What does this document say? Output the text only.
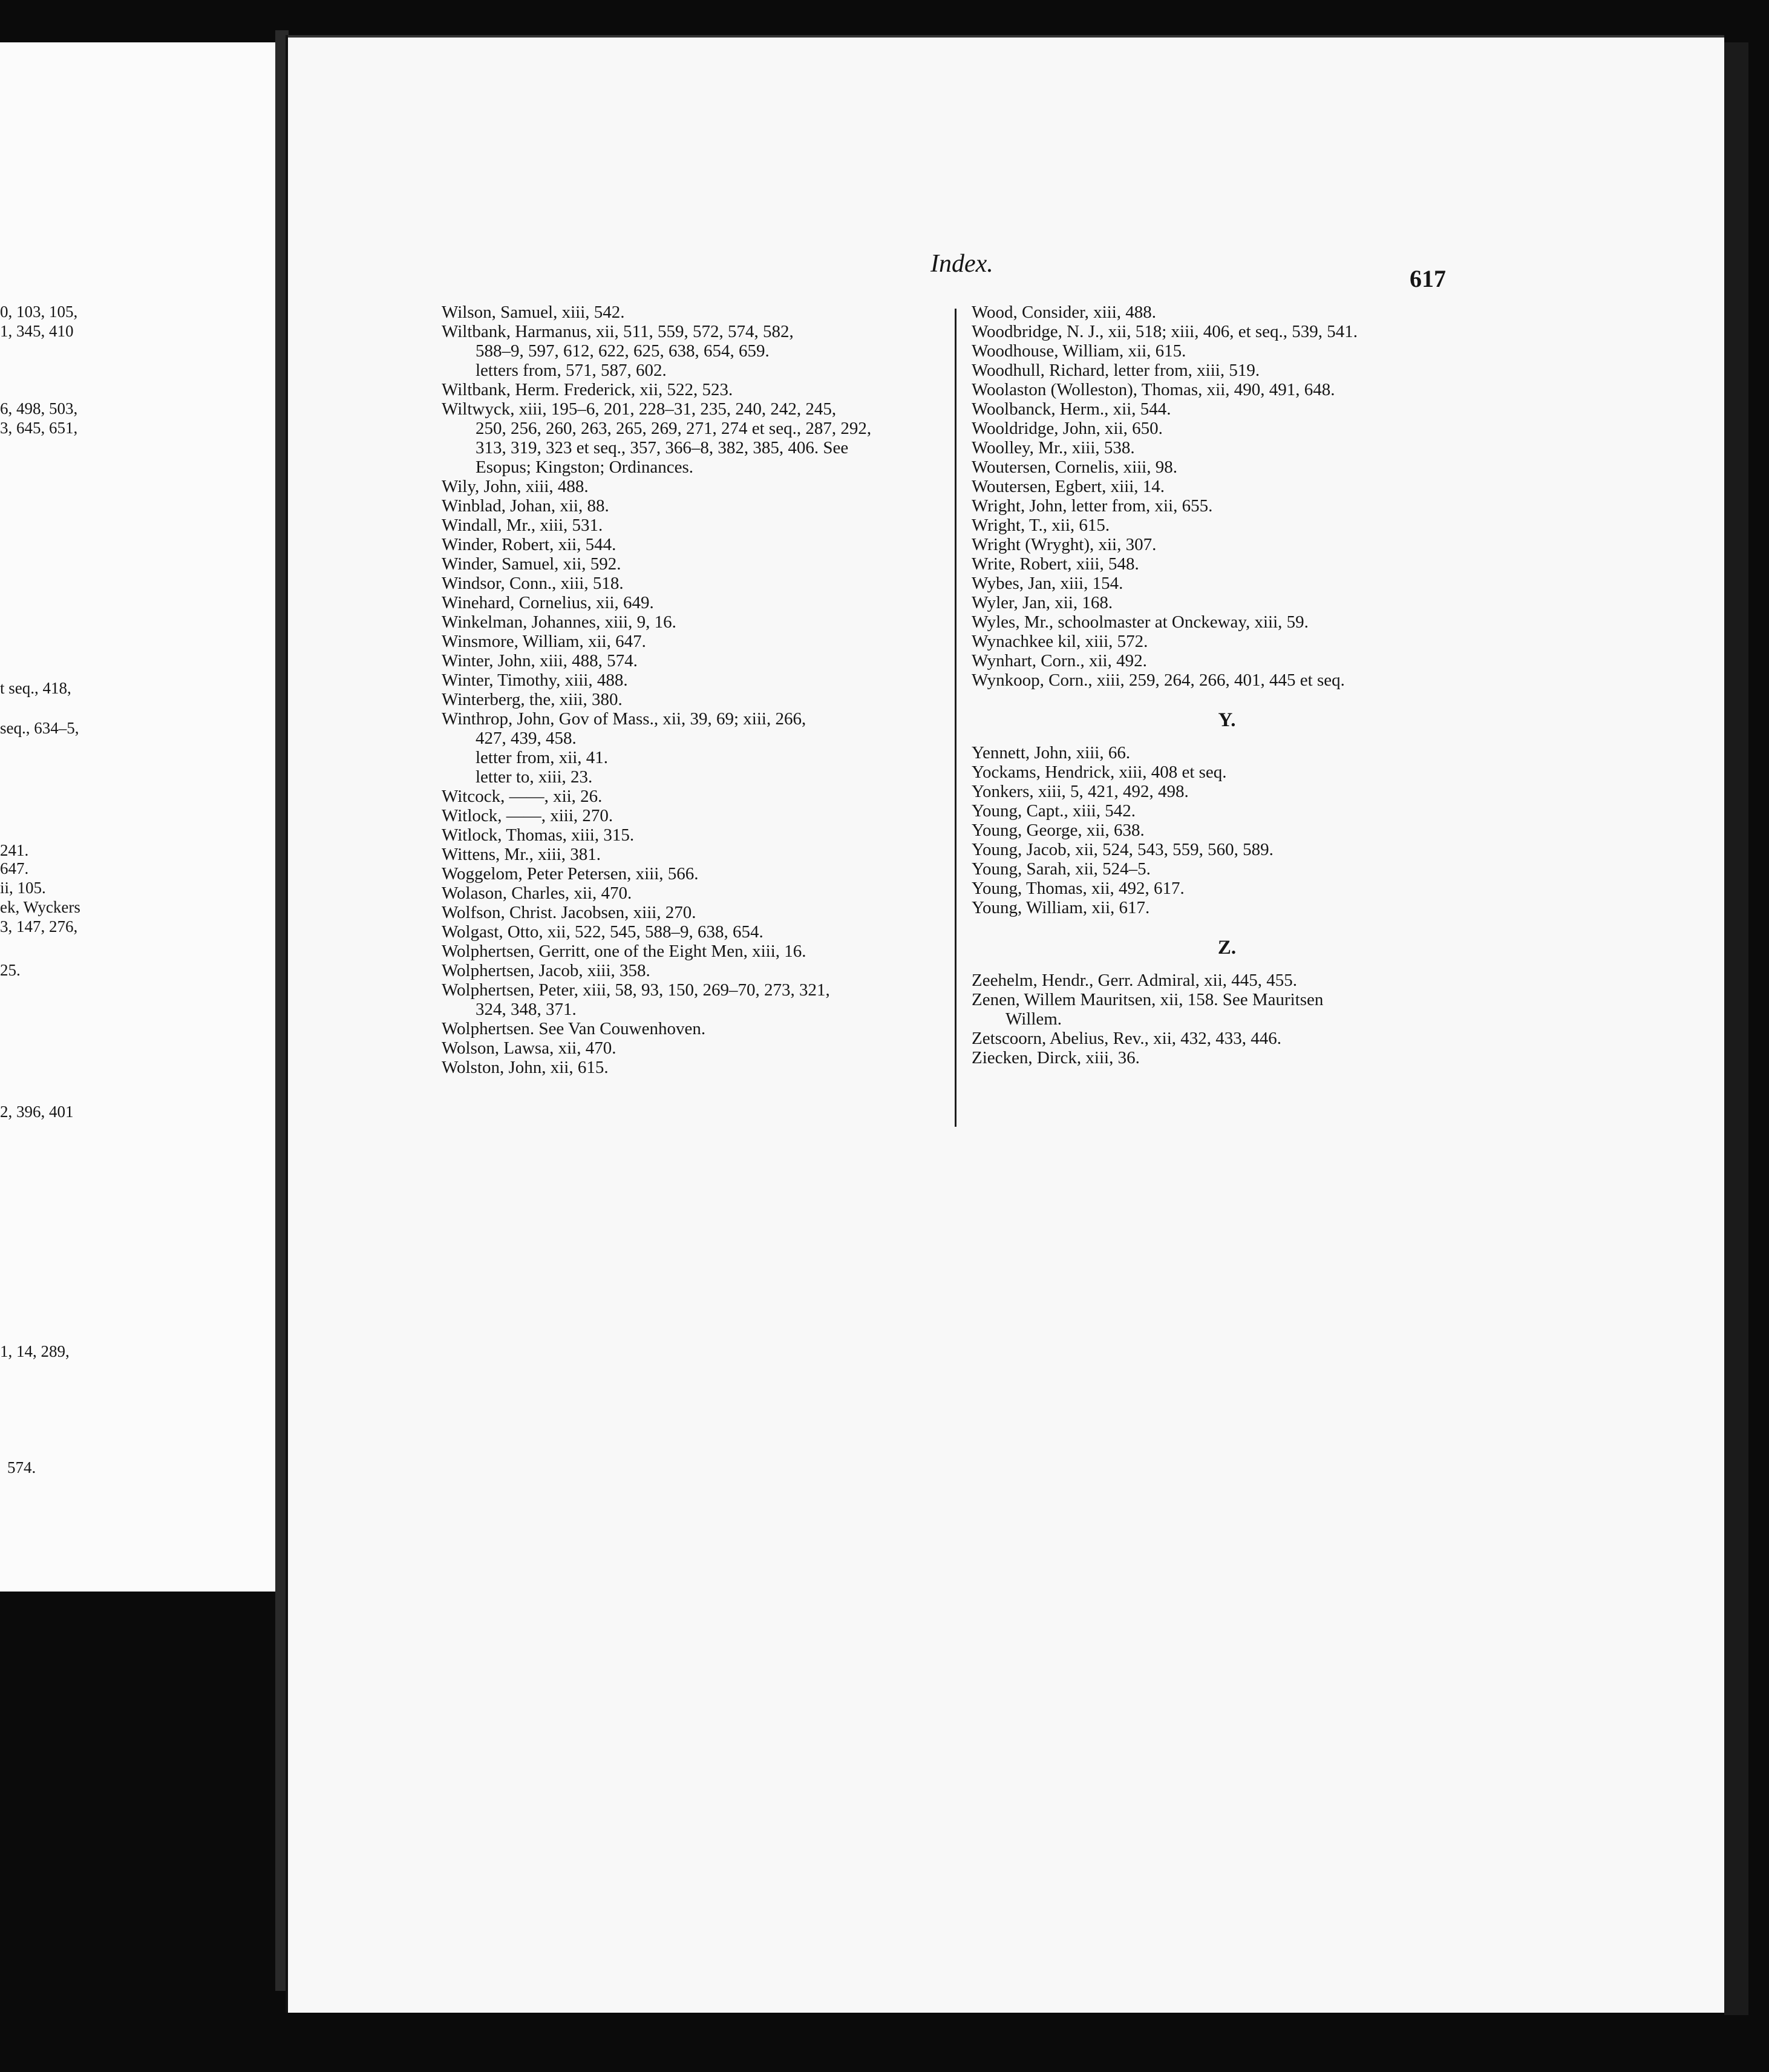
0, 103, 105,
1, 345, 410
6, 498, 503,
3, 645, 651,
t seq., 418,
seq., 634–5,
241.
647.
ii, 105.
ek, Wyckers
3, 147, 276,
25.
2, 396, 401
1, 14, 289,
574.
Index.
617
Wilson, Samuel, xiii, 542.
Wiltbank, Harmanus, xii, 511, 559, 572, 574, 582,
588–9, 597, 612, 622, 625, 638, 654, 659.
letters from, 571, 587, 602.
Wiltbank, Herm. Frederick, xii, 522, 523.
Wiltwyck, xiii, 195–6, 201, 228–31, 235, 240, 242, 245,
250, 256, 260, 263, 265, 269, 271, 274 et seq., 287, 292,
313, 319, 323 et seq., 357, 366–8, 382, 385, 406. See
Esopus; Kingston; Ordinances.
Wily, John, xiii, 488.
Winblad, Johan, xii, 88.
Windall, Mr., xiii, 531.
Winder, Robert, xii, 544.
Winder, Samuel, xii, 592.
Windsor, Conn., xiii, 518.
Winehard, Cornelius, xii, 649.
Winkelman, Johannes, xiii, 9, 16.
Winsmore, William, xii, 647.
Winter, John, xiii, 488, 574.
Winter, Timothy, xiii, 488.
Winterberg, the, xiii, 380.
Winthrop, John, Gov of Mass., xii, 39, 69; xiii, 266,
427, 439, 458.
letter from, xii, 41.
letter to, xiii, 23.
Witcock, ——, xii, 26.
Witlock, ——, xiii, 270.
Witlock, Thomas, xiii, 315.
Wittens, Mr., xiii, 381.
Woggelom, Peter Petersen, xiii, 566.
Wolason, Charles, xii, 470.
Wolfson, Christ. Jacobsen, xiii, 270.
Wolgast, Otto, xii, 522, 545, 588–9, 638, 654.
Wolphertsen, Gerritt, one of the Eight Men, xiii, 16.
Wolphertsen, Jacob, xiii, 358.
Wolphertsen, Peter, xiii, 58, 93, 150, 269–70, 273, 321,
324, 348, 371.
Wolphertsen. See Van Couwenhoven.
Wolson, Lawsa, xii, 470.
Wolston, John, xii, 615.
Wood, Consider, xiii, 488.
Woodbridge, N. J., xii, 518; xiii, 406, et seq., 539, 541.
Woodhouse, William, xii, 615.
Woodhull, Richard, letter from, xiii, 519.
Woolaston (Wolleston), Thomas, xii, 490, 491, 648.
Woolbanck, Herm., xii, 544.
Wooldridge, John, xii, 650.
Woolley, Mr., xiii, 538.
Woutersen, Cornelis, xiii, 98.
Woutersen, Egbert, xiii, 14.
Wright, John, letter from, xii, 655.
Wright, T., xii, 615.
Wright (Wryght), xii, 307.
Write, Robert, xiii, 548.
Wybes, Jan, xiii, 154.
Wyler, Jan, xii, 168.
Wyles, Mr., schoolmaster at Onckeway, xiii, 59.
Wynachkee kil, xiii, 572.
Wynhart, Corn., xii, 492.
Wynkoop, Corn., xiii, 259, 264, 266, 401, 445 et seq.
Y.
Yennett, John, xiii, 66.
Yockams, Hendrick, xiii, 408 et seq.
Yonkers, xiii, 5, 421, 492, 498.
Young, Capt., xiii, 542.
Young, George, xii, 638.
Young, Jacob, xii, 524, 543, 559, 560, 589.
Young, Sarah, xii, 524–5.
Young, Thomas, xii, 492, 617.
Young, William, xii, 617.
Z.
Zeehelm, Hendr., Gerr. Admiral, xii, 445, 455.
Zenen, Willem Mauritsen, xii, 158. See Mauritsen
Willem.
Zetscoorn, Abelius, Rev., xii, 432, 433, 446.
Ziecken, Dirck, xiii, 36.
